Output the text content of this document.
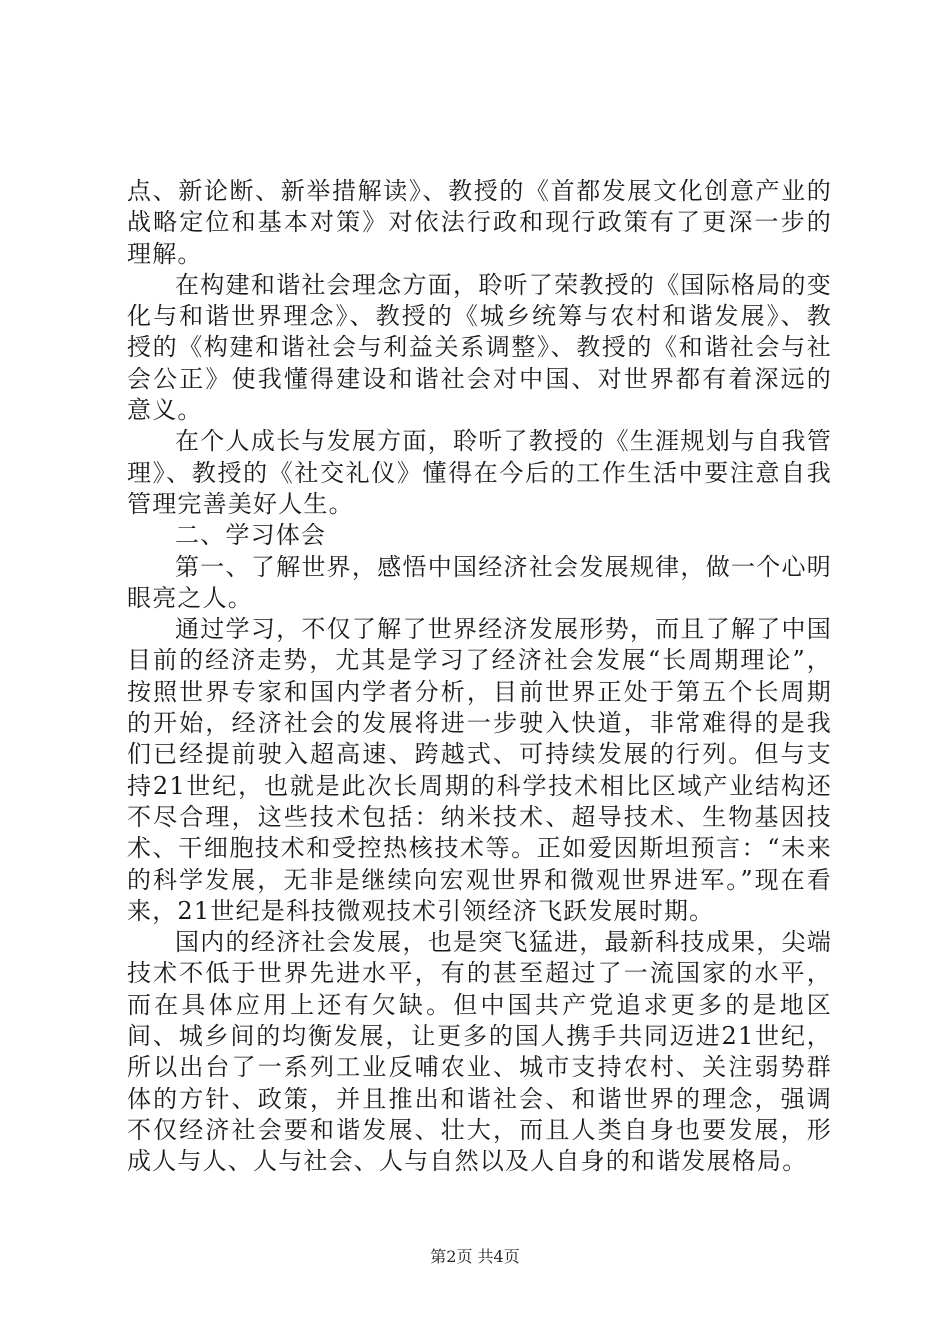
点、新论断、新举措解读》、教授的《首都发展文化创意产业的战略定位和基本对策》对依法行政和现行政策有了更深一步的理解。

在构建和谐社会理念方面，聆听了荣教授的《国际格局的变化与和谐世界理念》、教授的《城乡统筹与农村和谐发展》、教授的《构建和谐社会与利益关系调整》、教授的《和谐社会与社会公正》使我懂得建设和谐社会对中国、对世界都有着深远的意义。

在个人成长与发展方面，聆听了教授的《生涯规划与自我管理》、教授的《社交礼仪》懂得在今后的工作生活中要注意自我管理完善美好人生。

二、学习体会

第一、了解世界，感悟中国经济社会发展规律，做一个心明眼亮之人。

通过学习，不仅了解了世界经济发展形势，而且了解了中国目前的经济走势，尤其是学习了经济社会发展“长周期理论”，按照世界专家和国内学者分析，目前世界正处于第五个长周期的开始，经济社会的发展将进一步驶入快道，非常难得的是我们已经提前驶入超高速、跨越式、可持续发展的行列。但与支持21世纪，也就是此次长周期的科学技术相比区域产业结构还不尽合理，这些技术包括：纳米技术、超导技术、生物基因技术、干细胞技术和受控热核技术等。正如爱因斯坦预言：“未来的科学发展，无非是继续向宏观世界和微观世界进军。”现在看来，21世纪是科技微观技术引领经济飞跃发展时期。

国内的经济社会发展，也是突飞猛进，最新科技成果，尖端技术不低于世界先进水平，有的甚至超过了一流国家的水平，而在具体应用上还有欠缺。但中国共产党追求更多的是地区间、城乡间的均衡发展，让更多的国人携手共同迈进21世纪，所以出台了一系列工业反哺农业、城市支持农村、关注弱势群体的方针、政策，并且推出和谐社会、和谐世界的理念，强调不仅经济社会要和谐发展、壮大，而且人类自身也要发展，形成人与人、人与社会、人与自然以及人自身的和谐发展格局。

第2页 共4页
